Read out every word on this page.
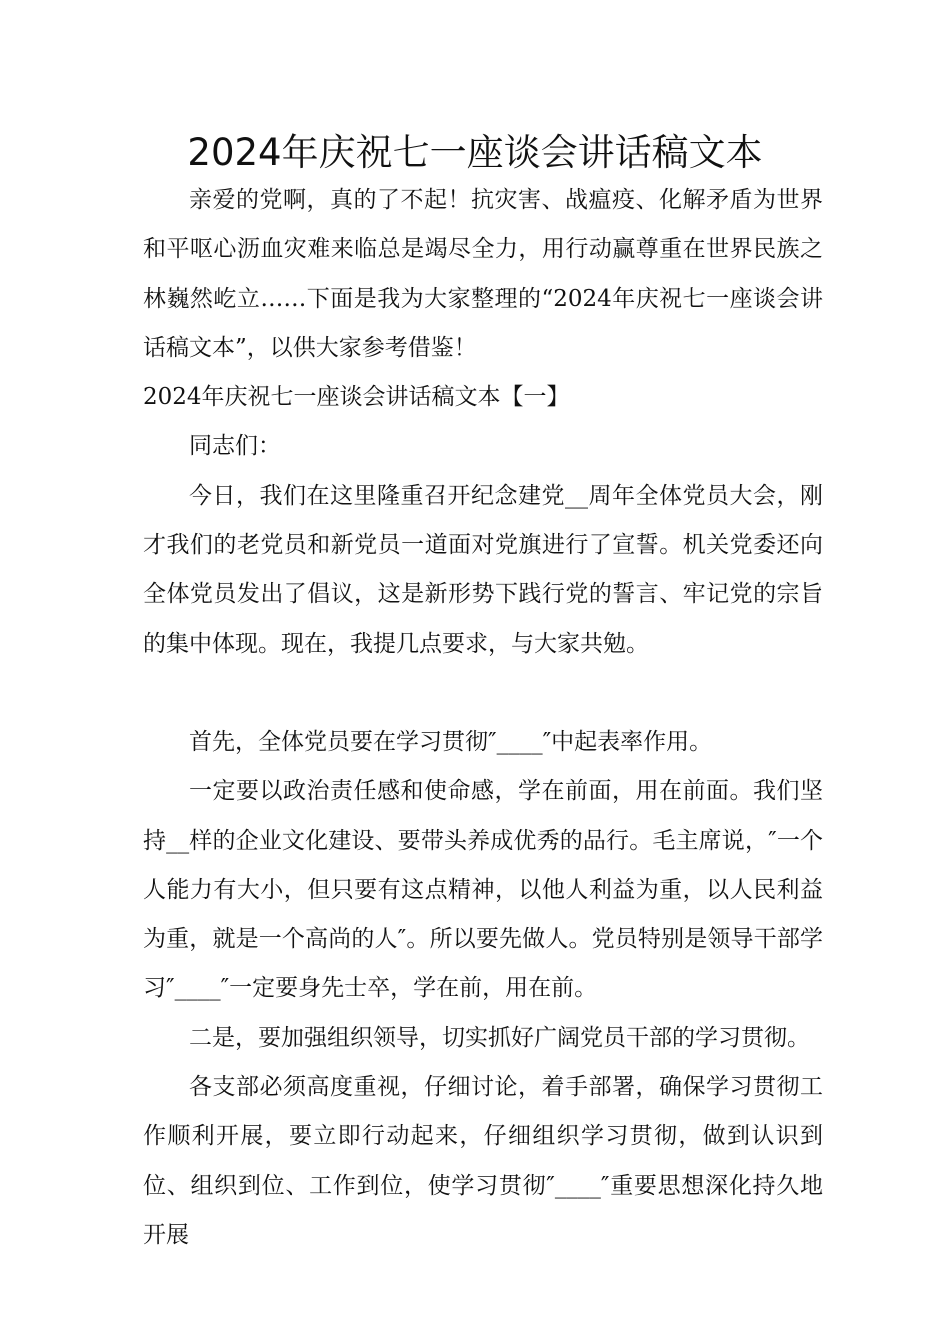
2024年庆祝七一座谈会讲话稿文本

亲爱的党啊，真的了不起！抗灾害、战瘟疫、化解矛盾为世界和平呕心沥血灾难来临总是竭尽全力，用行动赢尊重在世界民族之林巍然屹立……下面是我为大家整理的“2024年庆祝七一座谈会讲话稿文本”，以供大家参考借鉴！

2024年庆祝七一座谈会讲话稿文本【一】

同志们：

今日，我们在这里隆重召开纪念建党__周年全体党员大会，刚才我们的老党员和新党员一道面对党旗进行了宣誓。机关党委还向全体党员发出了倡议，这是新形势下践行党的誓言、牢记党的宗旨的集中体现。现在，我提几点要求，与大家共勉。

首先，全体党员要在学习贯彻″____″中起表率作用。

一定要以政治责任感和使命感，学在前面，用在前面。我们坚持__样的企业文化建设、要带头养成优秀的品行。毛主席说，″一个人能力有大小，但只要有这点精神，以他人利益为重，以人民利益为重，就是一个高尚的人″。所以要先做人。党员特别是领导干部学习″____″一定要身先士卒，学在前，用在前。

二是，要加强组织领导，切实抓好广阔党员干部的学习贯彻。

各支部必须高度重视，仔细讨论，着手部署，确保学习贯彻工作顺利开展，要立即行动起来，仔细组织学习贯彻，做到认识到位、组织到位、工作到位，使学习贯彻″____″重要思想深化持久地开展
